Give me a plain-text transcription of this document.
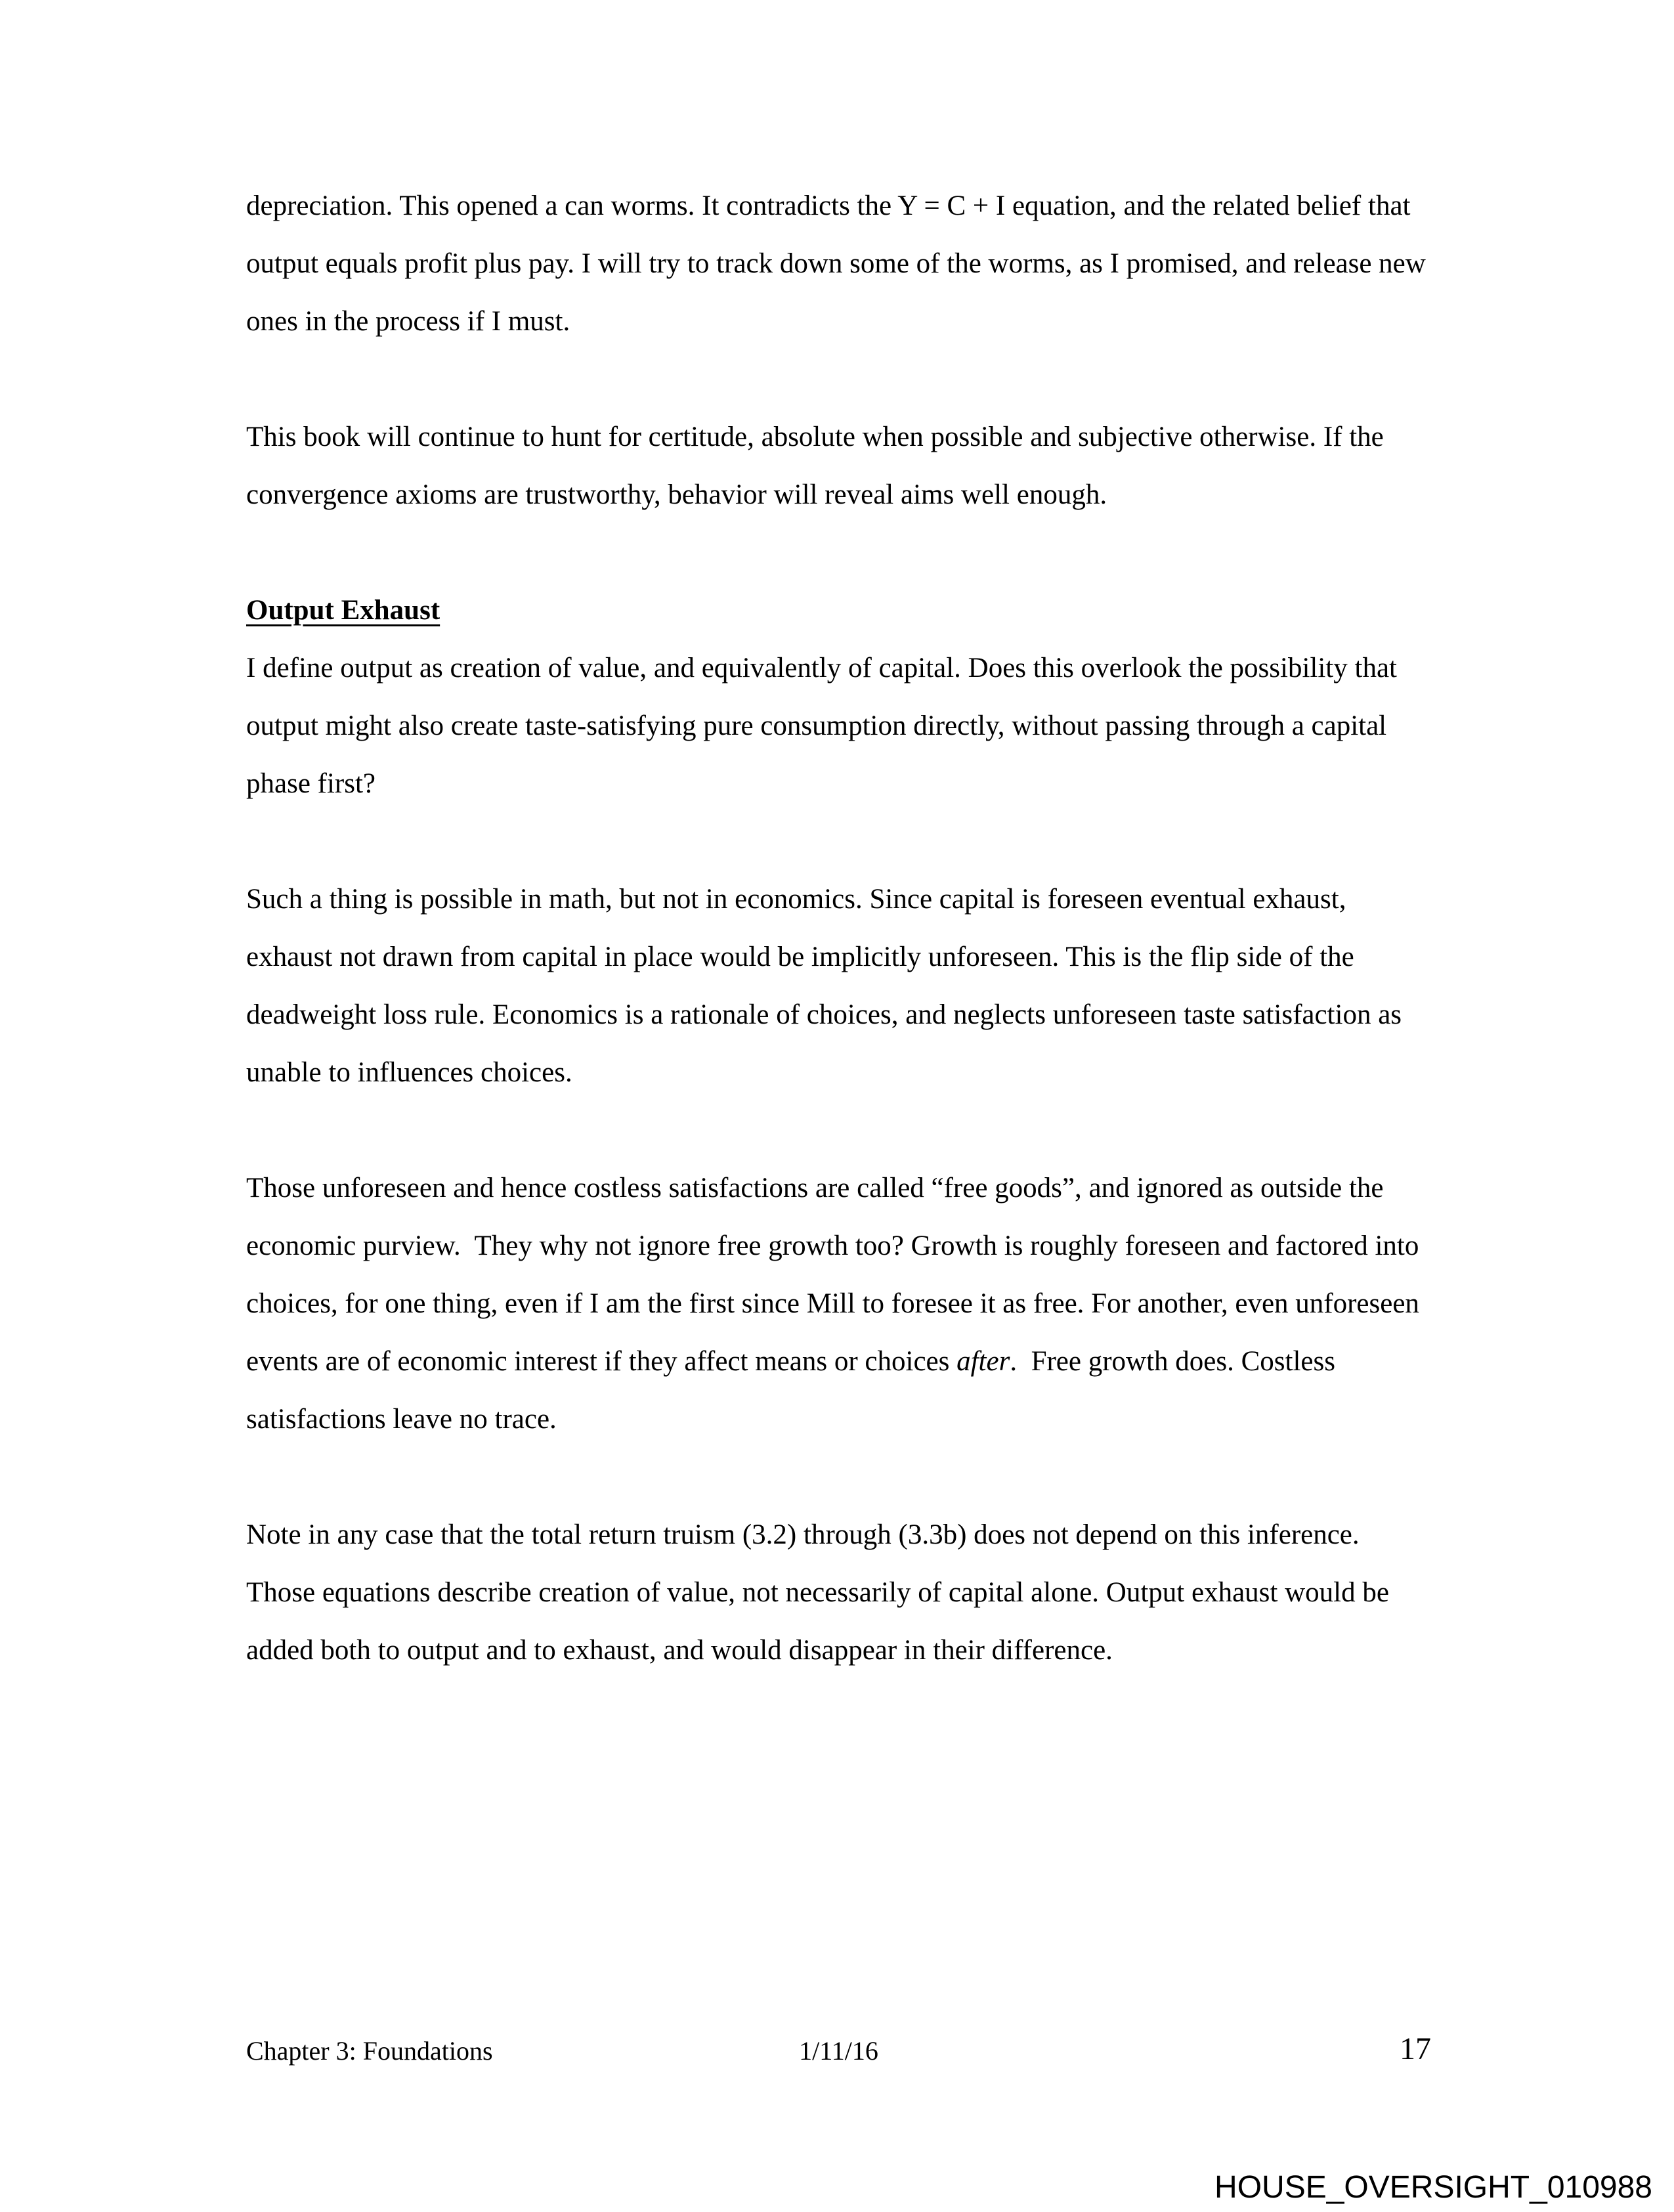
depreciation. This opened a can worms. It contradicts the Y = C + I equation, and the related belief that output equals profit plus pay. I will try to track down some of the worms, as I promised, and release new ones in the process if I must.

This book will continue to hunt for certitude, absolute when possible and subjective otherwise. If the convergence axioms are trustworthy, behavior will reveal aims well enough.

Output Exhaust

I define output as creation of value, and equivalently of capital. Does this overlook the possibility that output might also create taste-satisfying pure consumption directly, without passing through a capital phase first?

Such a thing is possible in math, but not in economics. Since capital is foreseen eventual exhaust, exhaust not drawn from capital in place would be implicitly unforeseen. This is the flip side of the deadweight loss rule. Economics is a rationale of choices, and neglects unforeseen taste satisfaction as unable to influences choices.

Those unforeseen and hence costless satisfactions are called “free goods”, and ignored as outside the economic purview.  They why not ignore free growth too? Growth is roughly foreseen and factored into choices, for one thing, even if I am the first since Mill to foresee it as free. For another, even unforeseen events are of economic interest if they affect means or choices after.  Free growth does. Costless satisfactions leave no trace.

Note in any case that the total return truism (3.2) through (3.3b) does not depend on this inference. Those equations describe creation of value, not necessarily of capital alone. Output exhaust would be added both to output and to exhaust, and would disappear in their difference.

Chapter 3: Foundations	1/11/16	17
HOUSE_OVERSIGHT_010988
